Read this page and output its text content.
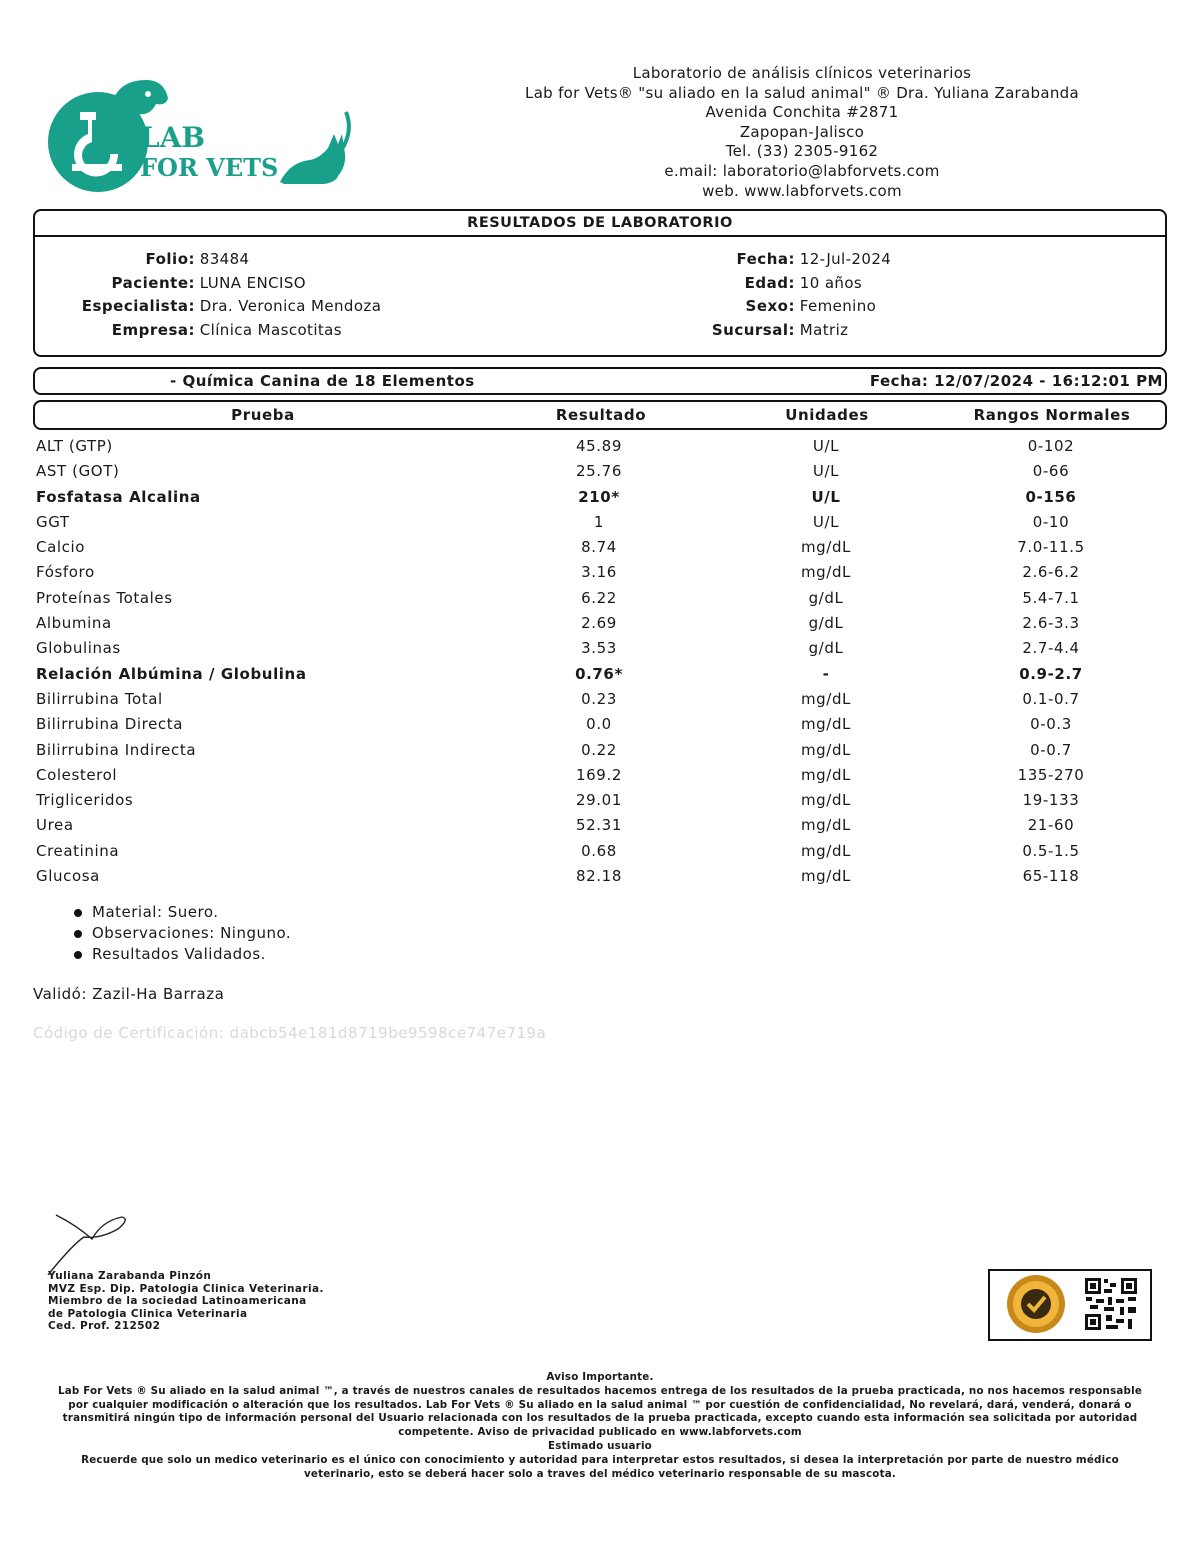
LAB
FOR VETS
Laboratorio de análisis clínicos veterinarios
Lab for Vets® "su aliado en la salud animal" ® Dra. Yuliana Zarabanda
Avenida Conchita #2871
Zapopan-Jalisco
Tel. (33) 2305-9162
e.mail: laboratorio@labforvets.com
web. www.labforvets.com
RESULTADOS DE LABORATORIO
Folio: 83484
Paciente: LUNA ENCISO
Especialista: Dra. Veronica Mendoza
Empresa: Clínica Mascotitas
Fecha: 12-Jul-2024
Edad: 10 años
Sexo: Femenino
Sucursal: Matriz
- Química Canina de 18 Elementos	Fecha: 12/07/2024 - 16:12:01 PM
Prueba	Resultado	Unidades	Rangos Normales
ALT (GTP)	45.89	U/L	0-102
AST (GOT)	25.76	U/L	0-66
Fosfatasa Alcalina	210*	U/L	0-156
GGT	1	U/L	0-10
Calcio	8.74	mg/dL	7.0-11.5
Fósforo	3.16	mg/dL	2.6-6.2
Proteínas Totales	6.22	g/dL	5.4-7.1
Albumina	2.69	g/dL	2.6-3.3
Globulinas	3.53	g/dL	2.7-4.4
Relación Albúmina / Globulina	0.76*	-	0.9-2.7
Bilirrubina Total	0.23	mg/dL	0.1-0.7
Bilirrubina Directa	0.0	mg/dL	0-0.3
Bilirrubina Indirecta	0.22	mg/dL	0-0.7
Colesterol	169.2	mg/dL	135-270
Trigliceridos	29.01	mg/dL	19-133
Urea	52.31	mg/dL	21-60
Creatinina	0.68	mg/dL	0.5-1.5
Glucosa	82.18	mg/dL	65-118
Material: Suero.
Observaciones: Ninguno.
Resultados Validados.
Validó: Zazil-Ha Barraza
Código de Certificación: dabcb54e181d8719be9598ce747e719a
Yuliana Zarabanda Pinzón
MVZ Esp. Dip. Patologia Clinica Veterinaria.
Miembro de la sociedad Latinoamericana
de Patologia Clinica Veterinaria
Ced. Prof. 212502
Aviso Importante.
Lab For Vets ® Su aliado en la salud animal ™, a través de nuestros canales de resultados hacemos entrega de los resultados de la prueba practicada, no nos hacemos responsable por cualquier modificación o alteración que los resultados. Lab For Vets ® Su aliado en la salud animal ™ por cuestión de confidencialidad, No revelará, dará, venderá, donará o transmitirá ningún tipo de información personal del Usuario relacionada con los resultados de la prueba practicada, excepto cuando esta información sea solicitada por autoridad competente. Aviso de privacidad publicado en www.labforvets.com
Estimado usuario
Recuerde que solo un medico veterinario es el único con conocimiento y autoridad para interpretar estos resultados, si desea la interpretación por parte de nuestro médico veterinario, esto se deberá hacer solo a traves del médico veterinario responsable de su mascota.
